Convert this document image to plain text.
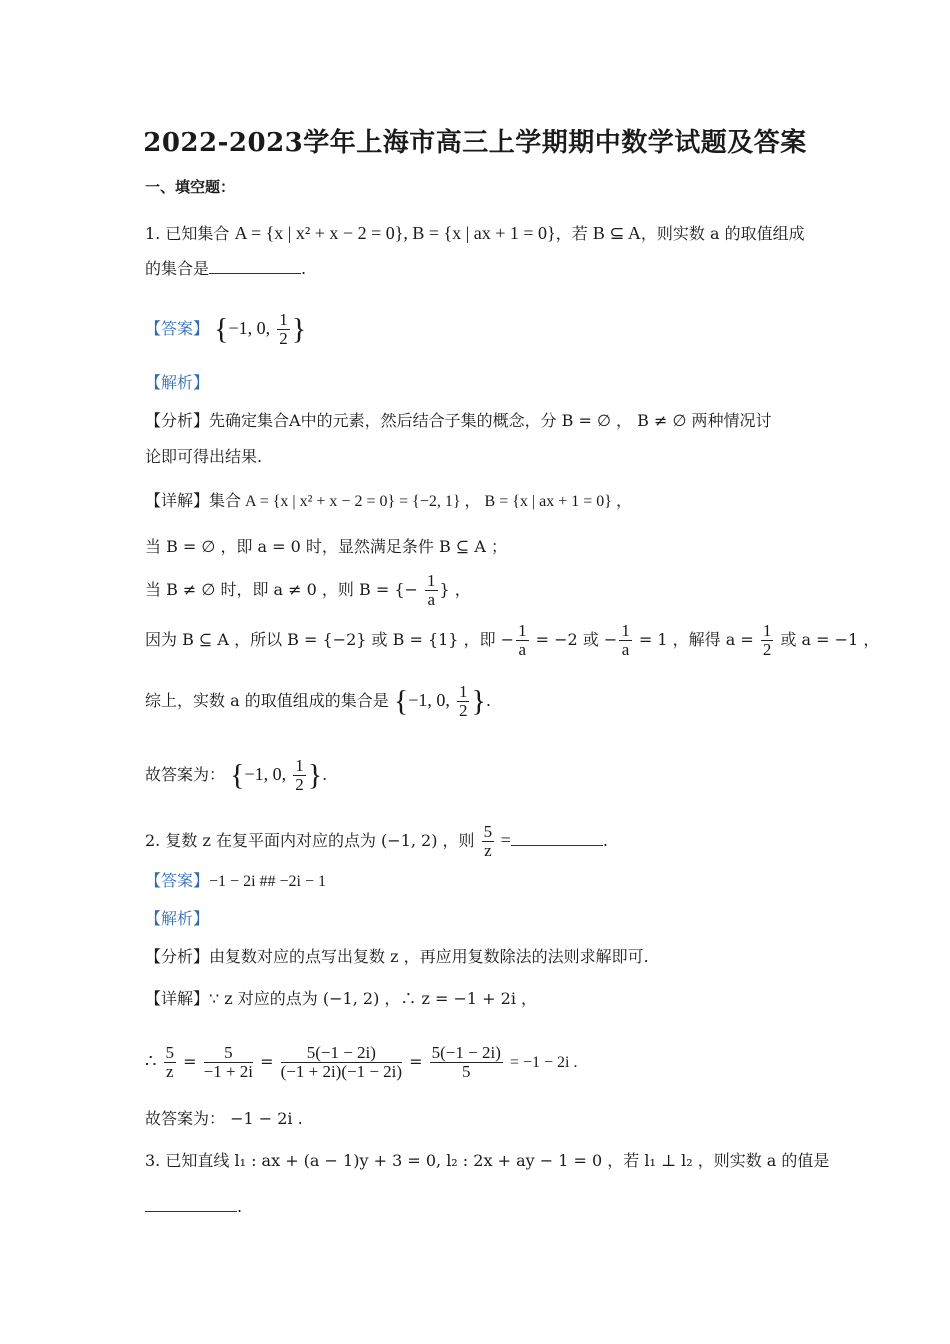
2022-2023学年上海市高三上学期期中数学试题及答案
一、填空题：
1. 已知集合 A = {x | x² + x − 2 = 0}, B = {x | ax + 1 = 0}，若 B ⊆ A，则实数 a 的取值组成
的集合是	.
【答案】 {−1, 0, $\frac{1}{2}$ }
【解析】
【分析】先确定集合A中的元素，然后结合子集的概念，分 B = ∅ ， B ≠ ∅ 两种情况讨
论即可得出结果.
【详解】集合 A = {x | x² + x − 2 = 0} = {−2, 1} ， B = {x | ax + 1 = 0} ，
当 B = ∅ ，即 a = 0 时，显然满足条件 B ⊆ A ；
当 B ≠ ∅ 时，即 a ≠ 0 ，则 B = {− $\frac{1}{a}$ } ，
因为 B ⊆ A ，所以 B = {−2} 或 B = {1} ，即 − $\frac{1}{a} = -2$ 或 − $\frac{1}{a} = 1$ ，解得 $a = \frac{1}{2}$ 或 a = −1 ，
综上，实数 a 的取值组成的集合是 {−1, 0, $\frac{1}{2}$ }.
故答案为： {−1, 0, $\frac{1}{2}$ }.
2. 复数 z 在复平面内对应的点为 (−1, 2) ，则 $\frac{5}{z}$ =	.
【答案】−1 − 2i ## −2i − 1
【解析】
【分析】由复数对应的点写出复数 z ，再应用复数除法的法则求解即可.
【详解】∵ z 对应的点为 (−1, 2) ，∴ z = −1 + 2i ，
∴ $\frac{5}{z} = \frac{5}{-1 + 2i} = \frac{5(-1 - 2i)}{(-1 + 2i)(-1 - 2i)} = \frac{5(-1 - 2i)}{5} = -1 - 2i$ .
故答案为： −1 − 2i .
3. 已知直线 l₁ : ax + (a − 1)y + 3 = 0, l₂ : 2x + ay − 1 = 0 ，若 l₁ ⊥ l₂ ，则实数 a 的值是
.
